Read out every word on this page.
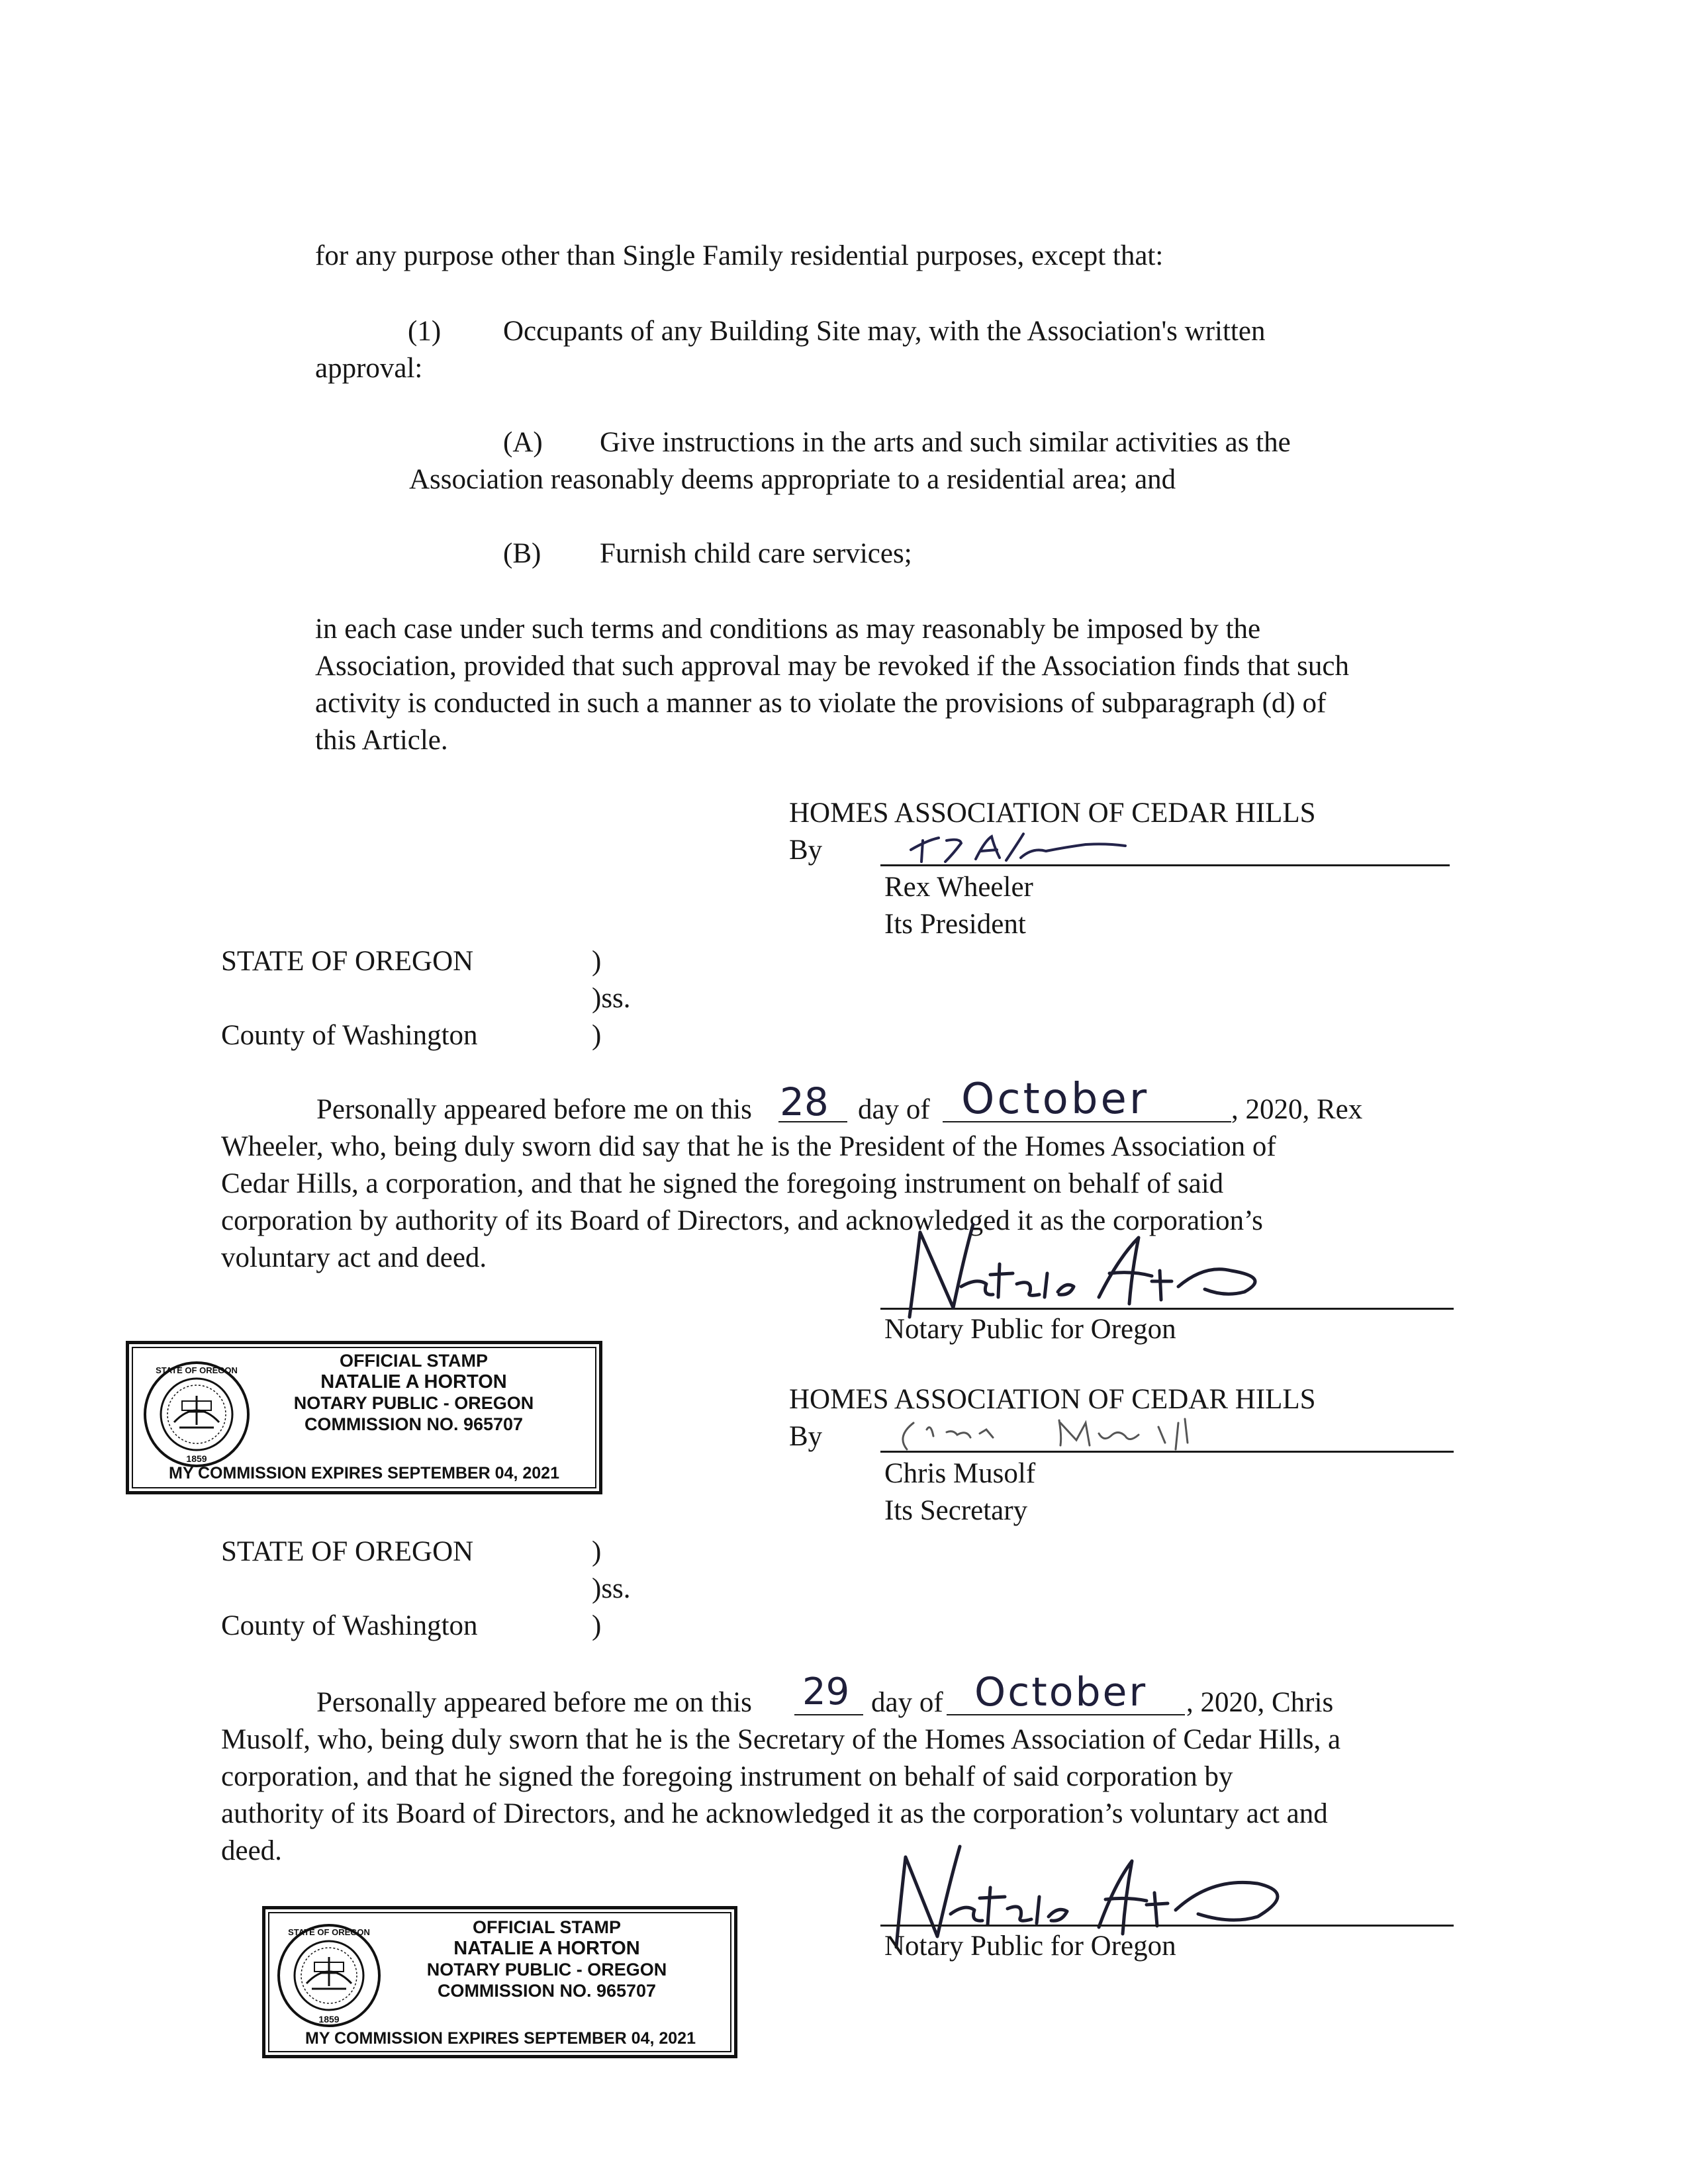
for any purpose other than Single Family residential purposes, except that:
(1) Occupants of any Building Site may, with the Association's written
approval:
(A) Give instructions in the arts and such similar activities as the
Association reasonably deems appropriate to a residential area; and
(B) Furnish child care services;
in each case under such terms and conditions as may reasonably be imposed by the
Association, provided that such approval may be revoked if the Association finds that such
activity is conducted in such a manner as to violate the provisions of subparagraph (d) of
this Article.
HOMES ASSOCIATION OF CEDAR HILLS
By
Rex Wheeler
Its President
STATE OF OREGON	)
)ss.
County of Washington	)
Personally appeared before me on this 28 day of October	, 2020, Rex
Wheeler, who, being duly sworn did say that he is the President of the Homes Association of
Cedar Hills, a corporation, and that he signed the foregoing instrument on behalf of said
corporation by authority of its Board of Directors, and acknowledged it as the corporation’s
voluntary act and deed.
Notary Public for Oregon
STATE OF OREGON
1859
OFFICIAL STAMP
NATALIE A HORTON
NOTARY PUBLIC - OREGON
COMMISSION NO. 965707
MY COMMISSION EXPIRES SEPTEMBER 04, 2021
HOMES ASSOCIATION OF CEDAR HILLS
By
Chris Musolf
Its Secretary
STATE OF OREGON	)
)ss.
County of Washington	)
Personally appeared before me on this 29 day of October , 2020, Chris
Musolf, who, being duly sworn that he is the Secretary of the Homes Association of Cedar Hills, a
corporation, and that he signed the foregoing instrument on behalf of said corporation by
authority of its Board of Directors, and he acknowledged it as the corporation’s voluntary act and
deed.
Notary Public for Oregon
STATE OF OREGON
1859
OFFICIAL STAMP
NATALIE A HORTON
NOTARY PUBLIC - OREGON
COMMISSION NO. 965707
MY COMMISSION EXPIRES SEPTEMBER 04, 2021
